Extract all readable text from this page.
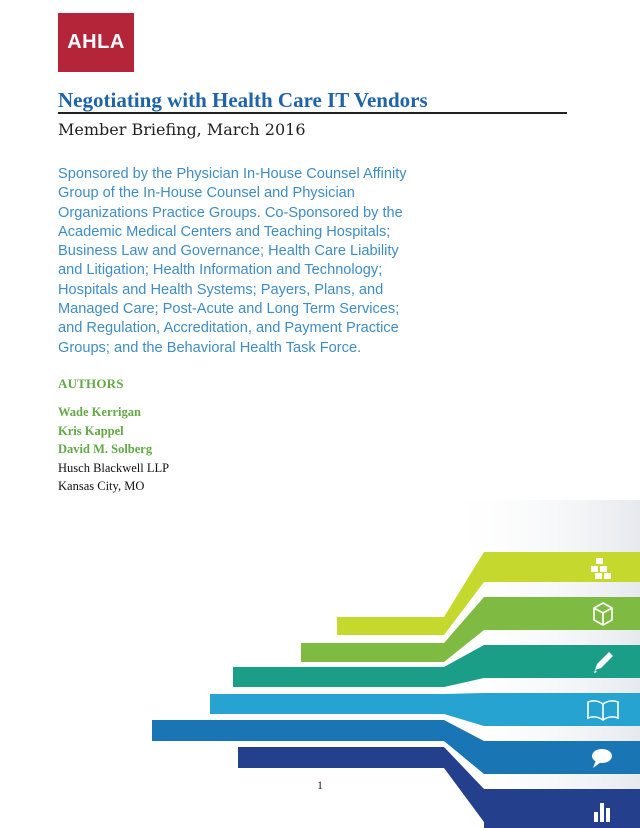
AHLA
Negotiating with Health Care IT Vendors
Member Briefing, March 2016

Sponsored by the Physician In-House Counsel Affinity Group of the In-House Counsel and Physician Organizations Practice Groups. Co-Sponsored by the Academic Medical Centers and Teaching Hospitals; Business Law and Governance; Health Care Liability and Litigation; Health Information and Technology; Hospitals and Health Systems; Payers, Plans, and Managed Care; Post-Acute and Long Term Services; and Regulation, Accreditation, and Payment Practice Groups; and the Behavioral Health Task Force.

AUTHORS
Wade Kerrigan
Kris Kappel
David M. Solberg
Husch Blackwell LLP
Kansas City, MO
1
